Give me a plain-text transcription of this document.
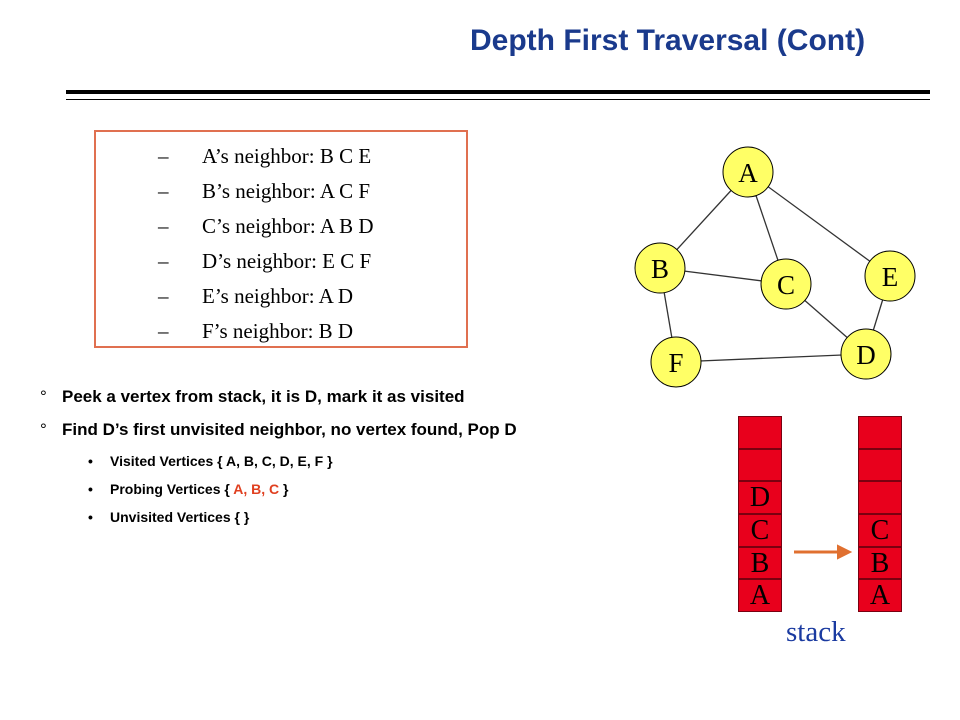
Depth First Traversal (Cont)
– A’s neighbor: B C E
– B’s neighbor: A C F
– C’s neighbor: A B D
– D’s neighbor: E C F
– E’s neighbor: A D
– F’s neighbor: B D
° Peek a vertex from stack, it is D, mark it as visited
° Find D’s first unvisited neighbor, no vertex found, Pop D
• Visited Vertices { A, B, C, D, E, F }
• Probing Vertices { A, B, C }
• Unvisited Vertices { }
A
B
C
D
E
F
D
C
B
A
C
B
A
stack
